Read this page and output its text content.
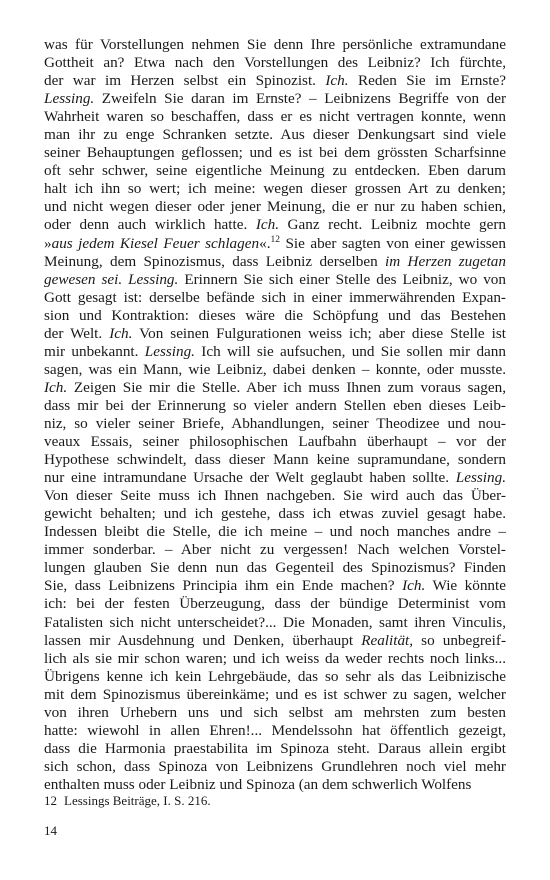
was für Vorstellungen nehmen Sie denn Ihre persönliche extramundane
Gottheit an? Etwa nach den Vorstellungen des Leibniz? Ich fürchte,
der war im Herzen selbst ein Spinozist. Ich. Reden Sie im Ernste?
Lessing. Zweifeln Sie daran im Ernste? – Leibnizens Begriffe von der
Wahrheit waren so beschaffen, dass er es nicht vertragen konnte, wenn
man ihr zu enge Schranken setzte. Aus dieser Denkungsart sind viele
seiner Behauptungen geflossen; und es ist bei dem grössten Scharfsinne
oft sehr schwer, seine eigentliche Meinung zu entdecken. Eben darum
halt ich ihn so wert; ich meine: wegen dieser grossen Art zu denken;
und nicht wegen dieser oder jener Meinung, die er nur zu haben schien,
oder denn auch wirklich hatte. Ich. Ganz recht. Leibniz mochte gern
»aus jedem Kiesel Feuer schlagen«.$^{12}$ Sie aber sagten von einer gewissen
Meinung, dem Spinozismus, dass Leibniz derselben im Herzen zugetan
gewesen sei. Lessing. Erinnern Sie sich einer Stelle des Leibniz, wo von
Gott gesagt ist: derselbe befände sich in einer immerwährenden Expan-
sion und Kontraktion: dieses wäre die Schöpfung und das Bestehen
der Welt. Ich. Von seinen Fulgurationen weiss ich; aber diese Stelle ist
mir unbekannt. Lessing. Ich will sie aufsuchen, und Sie sollen mir dann
sagen, was ein Mann, wie Leibniz, dabei denken – konnte, oder musste.
Ich. Zeigen Sie mir die Stelle. Aber ich muss Ihnen zum voraus sagen,
dass mir bei der Erinnerung so vieler andern Stellen eben dieses Leib-
niz, so vieler seiner Briefe, Abhandlungen, seiner Theodizee und nou-
veaux Essais, seiner philosophischen Laufbahn überhaupt – vor der
Hypothese schwindelt, dass dieser Mann keine supramundane, sondern
nur eine intramundane Ursache der Welt geglaubt haben sollte. Lessing.
Von dieser Seite muss ich Ihnen nachgeben. Sie wird auch das Über-
gewicht behalten; und ich gestehe, dass ich etwas zuviel gesagt habe.
Indessen bleibt die Stelle, die ich meine – und noch manches andre –
immer sonderbar. – Aber nicht zu vergessen! Nach welchen Vorstel-
lungen glauben Sie denn nun das Gegenteil des Spinozismus? Finden
Sie, dass Leibnizens Principia ihm ein Ende machen? Ich. Wie könnte
ich: bei der festen Überzeugung, dass der bündige Determinist vom
Fatalisten sich nicht unterscheidet?... Die Monaden, samt ihren Vinculis,
lassen mir Ausdehnung und Denken, überhaupt Realität, so unbegreif-
lich als sie mir schon waren; und ich weiss da weder rechts noch links...
Übrigens kenne ich kein Lehrgebäude, das so sehr als das Leibnizische
mit dem Spinozismus übereinkäme; und es ist schwer zu sagen, welcher
von ihren Urhebern uns und sich selbst am mehrsten zum besten
hatte: wiewohl in allen Ehren!... Mendelssohn hat öffentlich gezeigt,
dass die Harmonia praestabilita im Spinoza steht. Daraus allein ergibt
sich schon, dass Spinoza von Leibnizens Grundlehren noch viel mehr
enthalten muss oder Leibniz und Spinoza (an dem schwerlich Wolfens
12 Lessings Beiträge, I. S. 216.
14
